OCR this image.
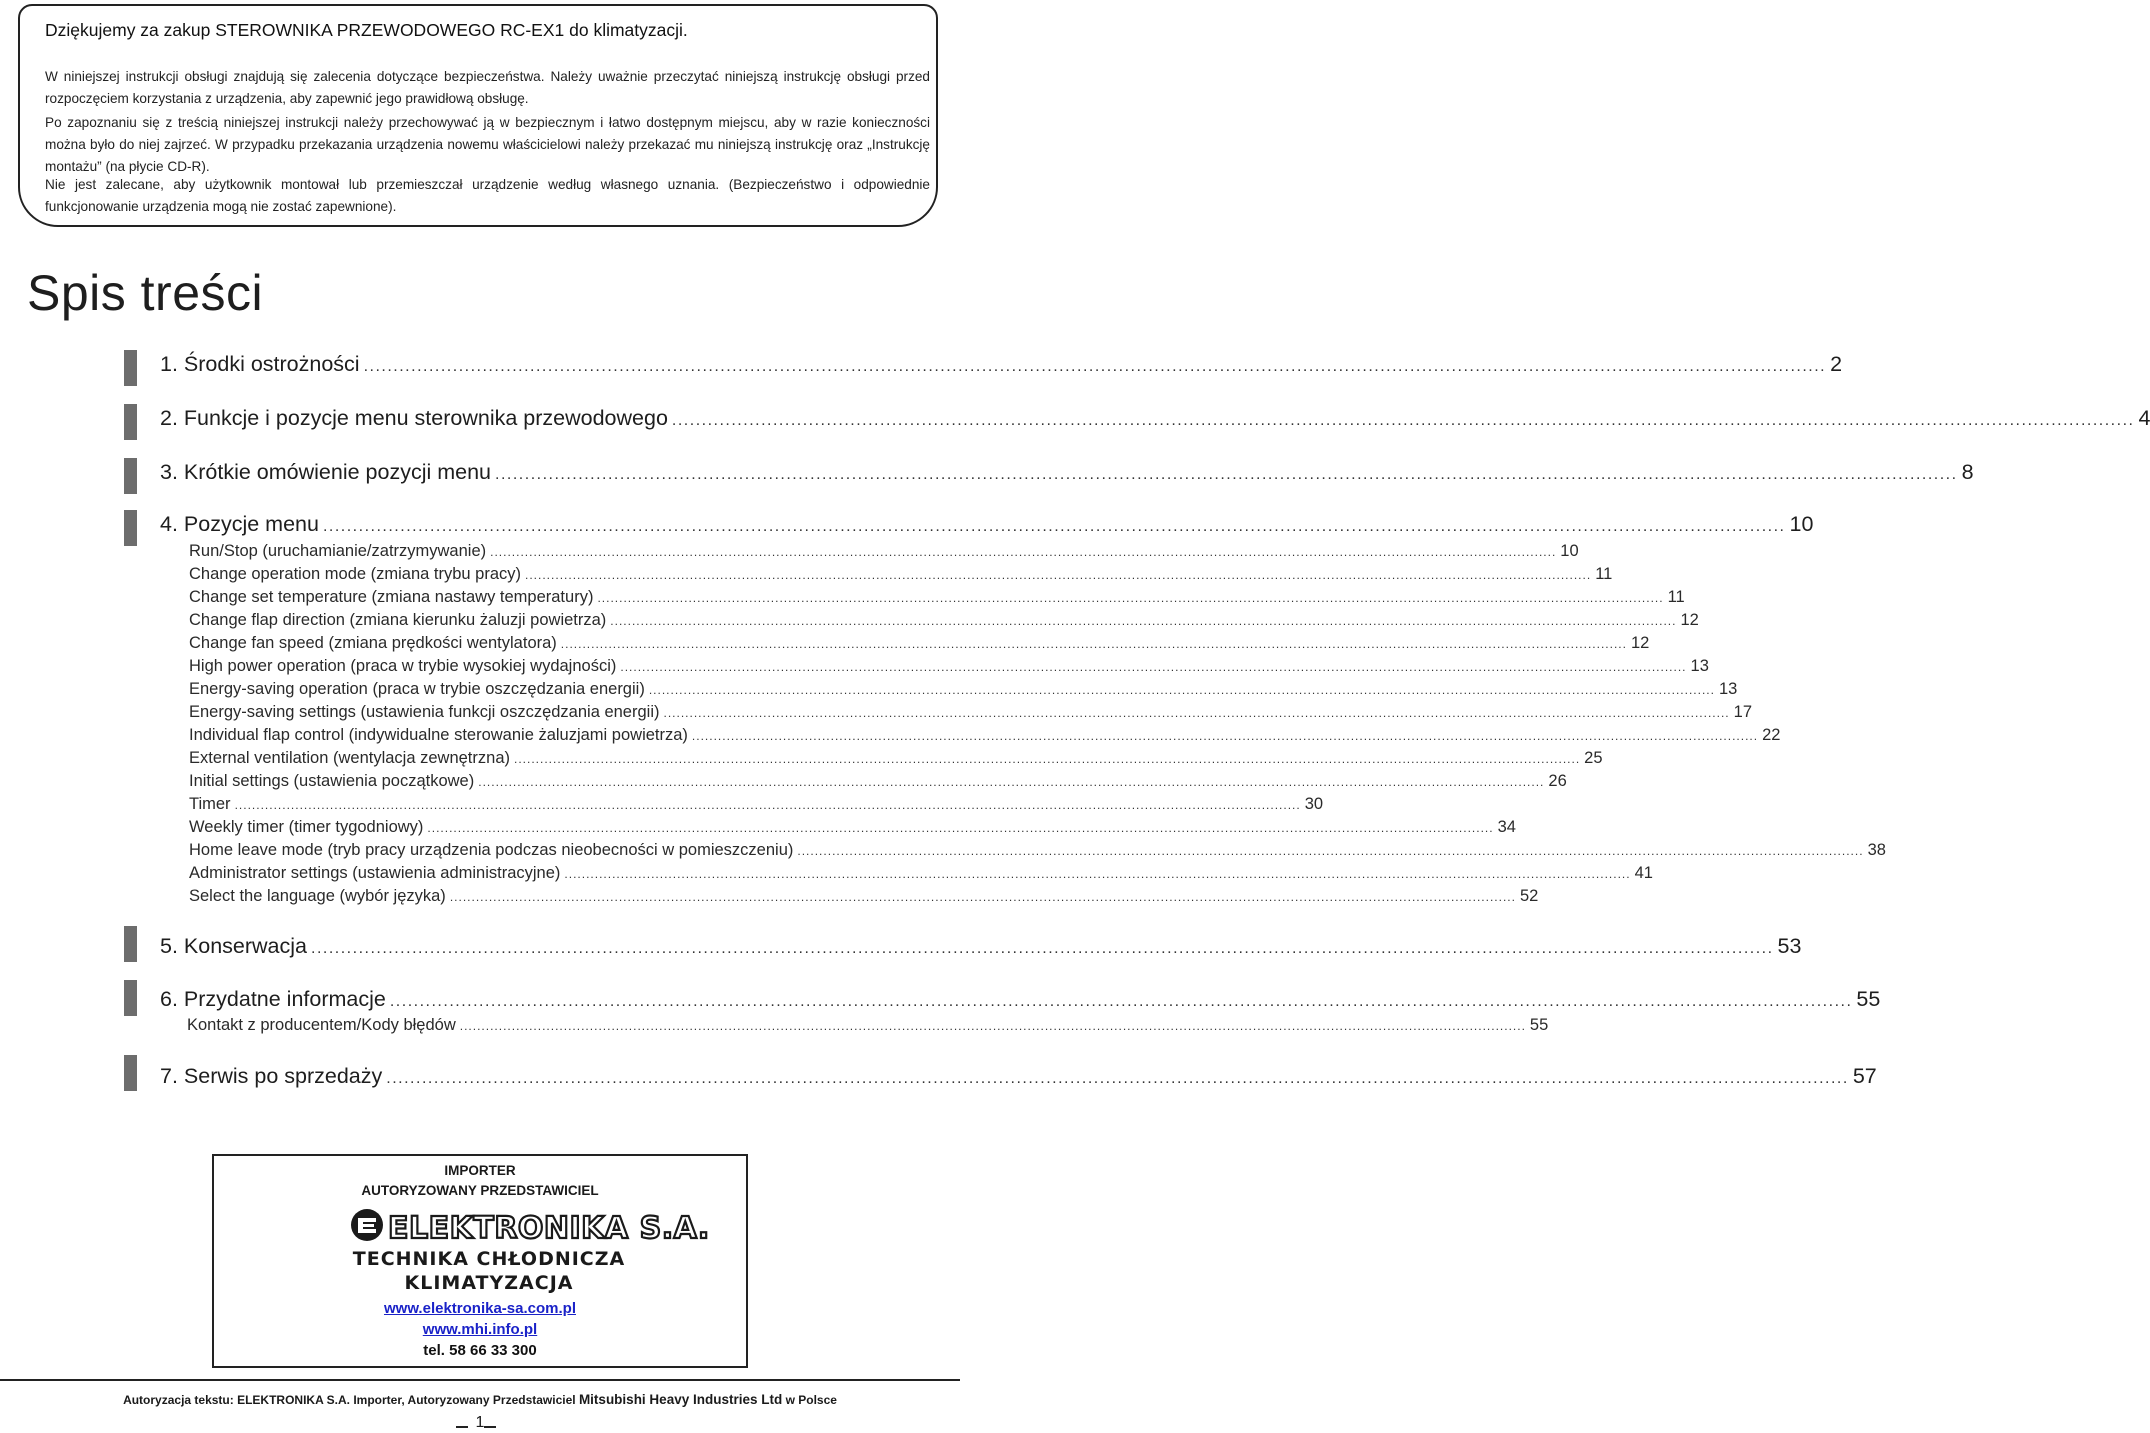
Dziękujemy za zakup STEROWNIKA PRZEWODOWEGO RC-EX1 do klimatyzacji.
W niniejszej instrukcji obsługi znajdują się zalecenia dotyczące bezpieczeństwa. Należy uważnie przeczytać niniejszą instrukcję obsługi przed rozpoczęciem korzystania z urządzenia, aby zapewnić jego prawidłową obsługę.
Po zapoznaniu się z treścią niniejszej instrukcji należy przechowywać ją w bezpiecznym i łatwo dostępnym miejscu, aby w razie konieczności można było do niej zajrzeć. W przypadku przekazania urządzenia nowemu właścicielowi należy przekazać mu niniejszą instrukcję oraz „Instrukcję montażu” (na płycie CD-R).
Nie jest zalecane, aby użytkownik montował lub przemieszczał urządzenie według własnego uznania. (Bezpieczeństwo i odpowiednie funkcjonowanie urządzenia mogą nie zostać zapewnione).
Spis treści
1. Środki ostrożności .....	2
2. Funkcje i pozycje menu sterownika przewodowego .....	4
3. Krótkie omówienie pozycji menu .....	8
4. Pozycje menu .....	10
Run/Stop (uruchamianie/zatrzymywanie) .....	10
Change operation mode (zmiana trybu pracy) .....	11
Change set temperature (zmiana nastawy temperatury) .....	11
Change flap direction (zmiana kierunku żaluzji powietrza) .....	12
Change fan speed (zmiana prędkości wentylatora) .....	12
High power operation (praca w trybie wysokiej wydajności) .....	13
Energy-saving operation (praca w trybie oszczędzania energii) .....	13
Energy-saving settings (ustawienia funkcji oszczędzania energii) .....	17
Individual flap control (indywidualne sterowanie żaluzjami powietrza) .....	22
External ventilation (wentylacja zewnętrzna) .....	25
Initial settings (ustawienia początkowe) .....	26
Timer .....	30
Weekly timer (timer tygodniowy) .....	34
Home leave mode (tryb pracy urządzenia podczas nieobecności w pomieszczeniu) .....	38
Administrator settings (ustawienia administracyjne) .....	41
Select the language (wybór języka) .....	52
5. Konserwacja .....	53
6. Przydatne informacje .....	55
Kontakt z producentem/Kody błędów .....	55
7. Serwis po sprzedaży .....	57
IMPORTER
AUTORYZOWANY PRZEDSTAWICIEL
ELEKTRONIKA S.A.
TECHNIKA CHŁODNICZA
KLIMATYZACJA
www.elektronika-sa.com.pl
www.mhi.info.pl
tel. 58 66 33 300
Autoryzacja tekstu: ELEKTRONIKA S.A. Importer, Autoryzowany Przedstawiciel Mitsubishi Heavy Industries Ltd w Polsce
1
